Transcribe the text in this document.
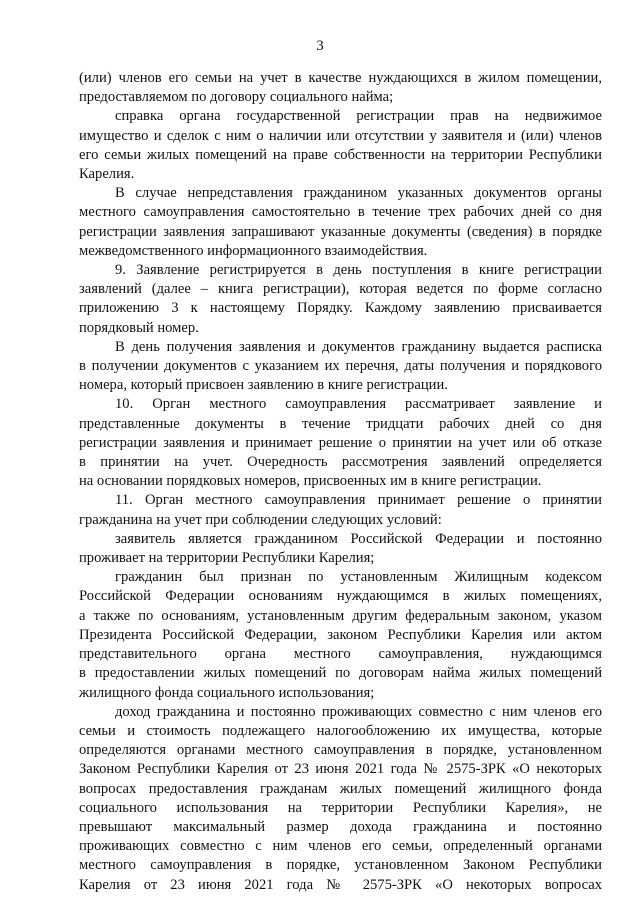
3

(или) членов его семьи на учет в качестве нуждающихся в жилом помещении,

предоставляемом по договору социального найма;

справка органа государственной регистрации прав на недвижимое

имущество и сделок с ним о наличии или отсутствии у заявителя и (или) членов

его семьи жилых помещений на праве собственности на территории Республики

Карелия.

В случае непредставления гражданином указанных документов органы

местного самоуправления самостоятельно в течение трех рабочих дней со дня

регистрации заявления запрашивают указанные документы (сведения) в порядке

межведомственного информационного взаимодействия.

9. Заявление регистрируется в день поступления в книге регистрации

заявлений (далее – книга регистрации), которая ведется по форме согласно

приложению 3 к настоящему Порядку. Каждому заявлению присваивается

порядковый номер.

В день получения заявления и документов гражданину выдается расписка

в получении документов с указанием их перечня, даты получения и порядкового

номера, который присвоен заявлению в книге регистрации.

10. Орган местного самоуправления рассматривает заявление и

представленные документы в течение тридцати рабочих дней со дня

регистрации заявления и принимает решение о принятии на учет или об отказе

в принятии на учет. Очередность рассмотрения заявлений определяется

на основании порядковых номеров, присвоенных им в книге регистрации.

11. Орган местного самоуправления принимает решение о принятии

гражданина на учет при соблюдении следующих условий:

заявитель является гражданином Российской Федерации и постоянно

проживает на территории Республики Карелия;

гражданин был признан по установленным Жилищным кодексом

Российской Федерации основаниям нуждающимся в жилых помещениях,

а также по основаниям, установленным другим федеральным законом, указом

Президента Российской Федерации, законом Республики Карелия или актом

представительного органа местного самоуправления, нуждающимся

в предоставлении жилых помещений по договорам найма жилых помещений

жилищного фонда социального использования;

доход гражданина и постоянно проживающих совместно с ним членов его

семьи и стоимость подлежащего налогообложению их имущества, которые

определяются органами местного самоуправления в порядке, установленном

Законом Республики Карелия от 23 июня 2021 года № 2575-ЗРК «О некоторых

вопросах предоставления гражданам жилых помещений жилищного фонда

социального использования на территории Республики Карелия», не

превышают максимальный размер дохода гражданина и постоянно

проживающих совместно с ним членов его семьи, определенный органами

местного самоуправления в порядке, установленном Законом Республики

Карелия от 23 июня 2021 года № 2575-ЗРК «О некоторых вопросах
